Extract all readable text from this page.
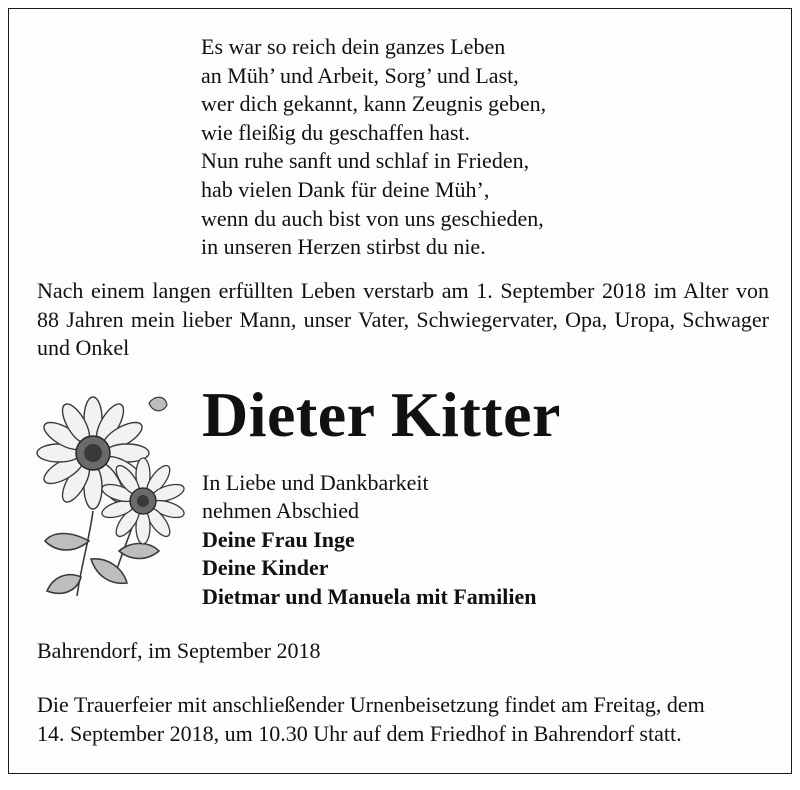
Es war so reich dein ganzes Leben
an Müh’ und Arbeit, Sorg’ und Last,
wer dich gekannt, kann Zeugnis geben,
wie fleißig du geschaffen hast.
Nun ruhe sanft und schlaf in Frieden,
hab vielen Dank für deine Müh’,
wenn du auch bist von uns geschieden,
in unseren Herzen stirbst du nie.
Nach einem langen erfüllten Leben verstarb am 1. September 2018 im Alter von 88 Jahren mein lieber Mann, unser Vater, Schwiegervater, Opa, Uropa, Schwager und Onkel
Dieter Kitter
In Liebe und Dankbarkeit
nehmen Abschied
Deine Frau Inge
Deine Kinder
Dietmar und Manuela mit Familien
Bahrendorf, im September 2018
Die Trauerfeier mit anschließender Urnenbeisetzung findet am Freitag, dem
14. September 2018, um 10.30 Uhr auf dem Friedhof in Bahrendorf statt.
